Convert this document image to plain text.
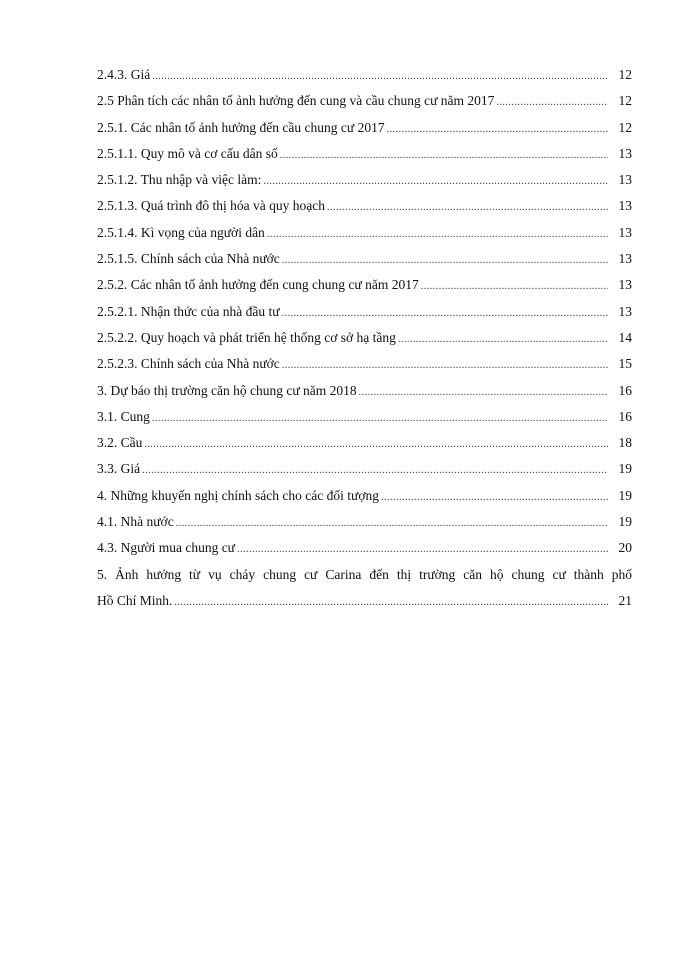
2.4.3. Giá .....	12
2.5 Phân tích các nhân tố ảnh hưởng đến cung và cầu chung cư năm 2017 .....	12
2.5.1. Các nhân tố ảnh hưởng đến cầu chung cư 2017 .....	12
2.5.1.1. Quy mô và cơ cấu dân số .....	13
2.5.1.2. Thu nhập và việc làm: .....	13
2.5.1.3. Quá trình đô thị hóa và quy hoạch .....	13
2.5.1.4. Kì vọng của người dân .....	13
2.5.1.5. Chính sách của Nhà nước .....	13
2.5.2. Các nhân tố ảnh hưởng đến cung chung cư năm 2017 .....	13
2.5.2.1. Nhận thức của nhà đầu tư .....	13
2.5.2.2. Quy hoạch và phát triển hệ thống cơ sở hạ tầng .....	14
2.5.2.3. Chính sách của Nhà nước .....	15
3. Dự báo thị trường căn hộ chung cư năm 2018 .....	16
3.1. Cung .....	16
3.2. Cầu .....	18
3.3. Giá .....	19
4. Những khuyến nghị chính sách cho các đối tượng .....	19
4.1. Nhà nước .....	19
4.3. Người mua chung cư .....	20
5. Ảnh hưởng từ vụ cháy chung cư Carina đến thị trường căn hộ chung cư thành phố
Hồ Chí Minh. .....	21
